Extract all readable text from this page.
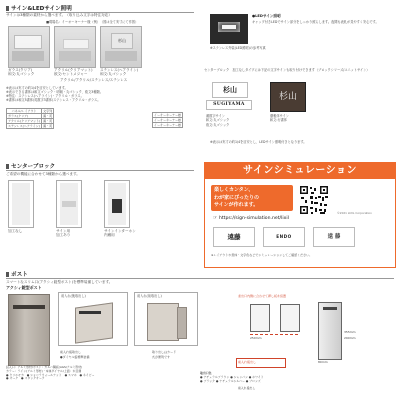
サイン&LEDサイン照明
サインは3種類の素材から選べます。（取り込み文字は特注対応）
■現場名：イーオーキーナー様（例）　（図は全て実寸にて作図）
ガラス(クリア)
和文:丸ゴシック
アクリル(クリアマット)
欧文:セントメジャー
杉山
ステンレス(ヘアライン)
和文:丸ゴシック
アクリル/アクリル/ステンレス/ステンレス
※表示は実寸の約1/4を目安としています。
※表示できる書体は和文ゴシック・明朝・丸ゴシック、欧文3種類。
※特注：ステンレス(ヘアライン)・アクリル・ガラス。
※書体は和文5書体/英数字3書体/ステンレス・アクリル・ガラス。
パネル/レイアウト	文字列
ガラス(クリア)	漢・英
アクリル(クリアマット)	漢・英
ステンレス(ヘアライン)	漢・英
イーオーキーナー様
イーオーキーナー様
イーオーキーナー様
●LEDサイン照明
キャップ付きLEDでサイン部分をしっかり照らします。夜間も表札が見やすく安心です。
※ステンレス外装(LED照明)の参考写真
センターブロック　加工なしタイプには下記の文字サインも取り付けできます（ブロックシリーズ/ユニットサイン）
杉山
SUGIYAMA
漢数字サイン
和文:丸ゴシック
欧文:丸ゴシック
杉山
優雅体サイン
和文:行書体
※表示は実寸の約1/4を目安とし、LEDサイン照明付きとなります。
センターブロック
ご希望の機能に合わせて3種類から選べます。
加工なし	サイン用
加工あり
サインインターホン
内蔵用
サインシミュレーション
楽しくカンタン、
わが家にぴったりの
サインが作れます。
☞ https://sign-simulation.net/lixil
©2021 LIXIL Corporation
遠藤	ENDO	遠 藤
※レイアウトや書体・文字色などでシミュレーションしてご確認ください。
ポスト
スマートなスリム口(アクシィ錠型ポスト)を標準装備しています。
アクシィ錠型ポスト
前入れ(後取出し)
前入れ後取出し
●ダイヤル錠標準装備
前入れ(前取出し)
取り出しはカード
式が便利です
差出口内側に合わせて押し板を設置
250mm
前入れ後出し
355mm
290mm
80mm
投入口：アルミ形材/ポスト：ガルバ鋼板(AGS/アルミ形材)
カラー：ライン(アルミ形材)・本体ダイヤル/上面：木目調
● クリエモカ　● ショコラウォールナット　● スマホ　● ネイビー
● オーク　● スタックオーク
取出口色
● ナチュラルブラウン ● シャンパン ● ホワイト
● ブラック ● ナチュラルシルバー ● ブロンズ
前入れ後出し
